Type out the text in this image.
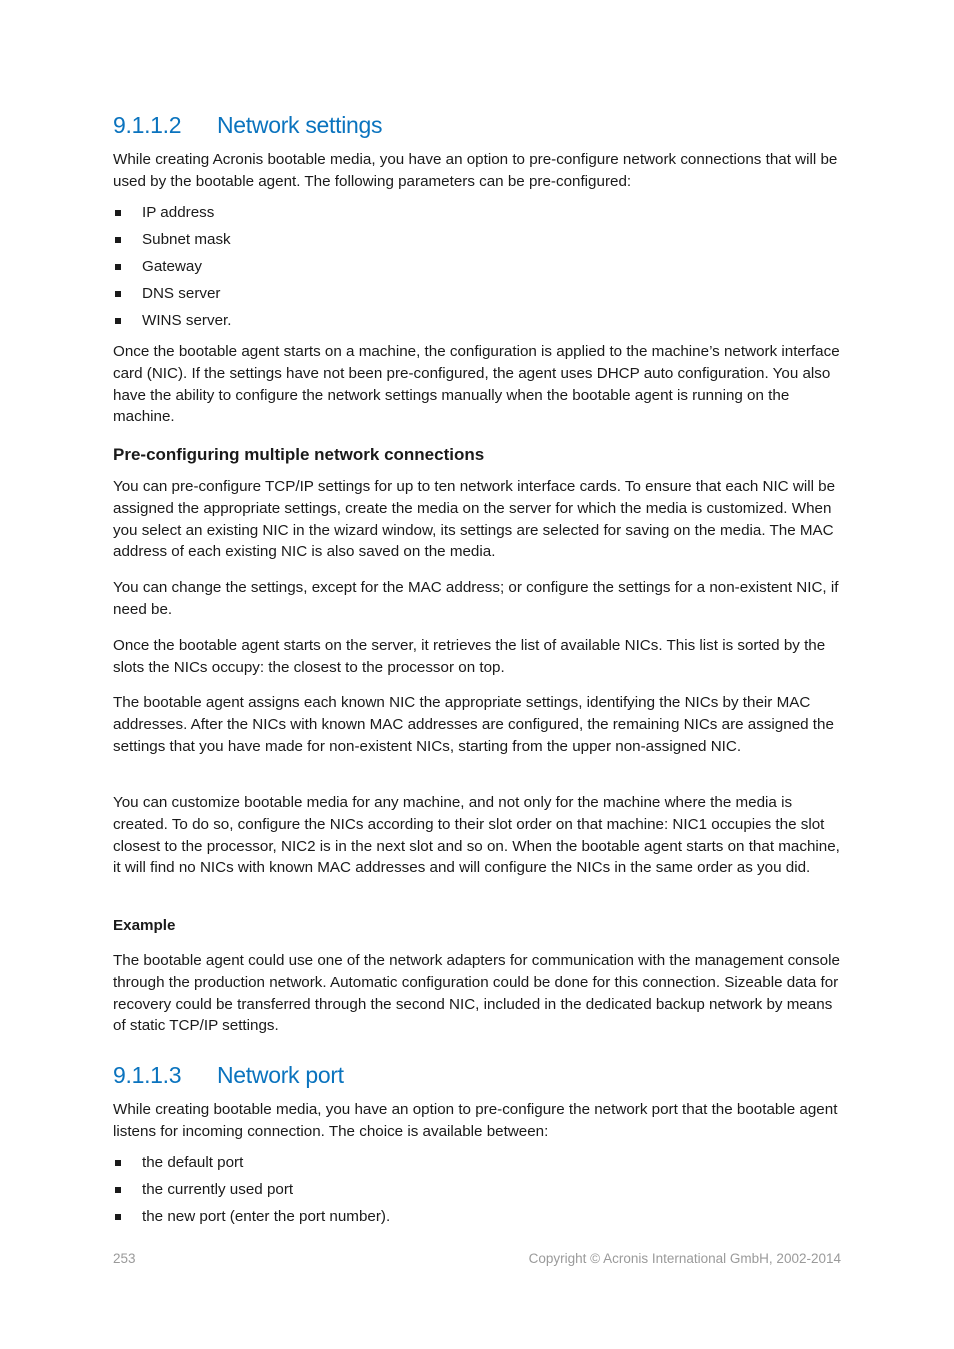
9.1.1.2 Network settings

While creating Acronis bootable media, you have an option to pre-configure network connections that will be used by the bootable agent. The following parameters can be pre-configured:

IP address
Subnet mask
Gateway
DNS server
WINS server.

Once the bootable agent starts on a machine, the configuration is applied to the machine’s network interface card (NIC). If the settings have not been pre-configured, the agent uses DHCP auto configuration. You also have the ability to configure the network settings manually when the bootable agent is running on the machine.

Pre-configuring multiple network connections

You can pre-configure TCP/IP settings for up to ten network interface cards. To ensure that each NIC will be assigned the appropriate settings, create the media on the server for which the media is customized. When you select an existing NIC in the wizard window, its settings are selected for saving on the media. The MAC address of each existing NIC is also saved on the media.

You can change the settings, except for the MAC address; or configure the settings for a non-existent NIC, if need be.

Once the bootable agent starts on the server, it retrieves the list of available NICs. This list is sorted by the slots the NICs occupy: the closest to the processor on top.

The bootable agent assigns each known NIC the appropriate settings, identifying the NICs by their MAC addresses. After the NICs with known MAC addresses are configured, the remaining NICs are assigned the settings that you have made for non-existent NICs, starting from the upper non-assigned NIC.

You can customize bootable media for any machine, and not only for the machine where the media is created. To do so, configure the NICs according to their slot order on that machine: NIC1 occupies the slot closest to the processor, NIC2 is in the next slot and so on. When the bootable agent starts on that machine, it will find no NICs with known MAC addresses and will configure the NICs in the same order as you did.

Example

The bootable agent could use one of the network adapters for communication with the management console through the production network. Automatic configuration could be done for this connection. Sizeable data for recovery could be transferred through the second NIC, included in the dedicated backup network by means of static TCP/IP settings.

9.1.1.3 Network port

While creating bootable media, you have an option to pre-configure the network port that the bootable agent listens for incoming connection. The choice is available between:

the default port
the currently used port
the new port (enter the port number).
253	Copyright © Acronis International GmbH, 2002-2014
